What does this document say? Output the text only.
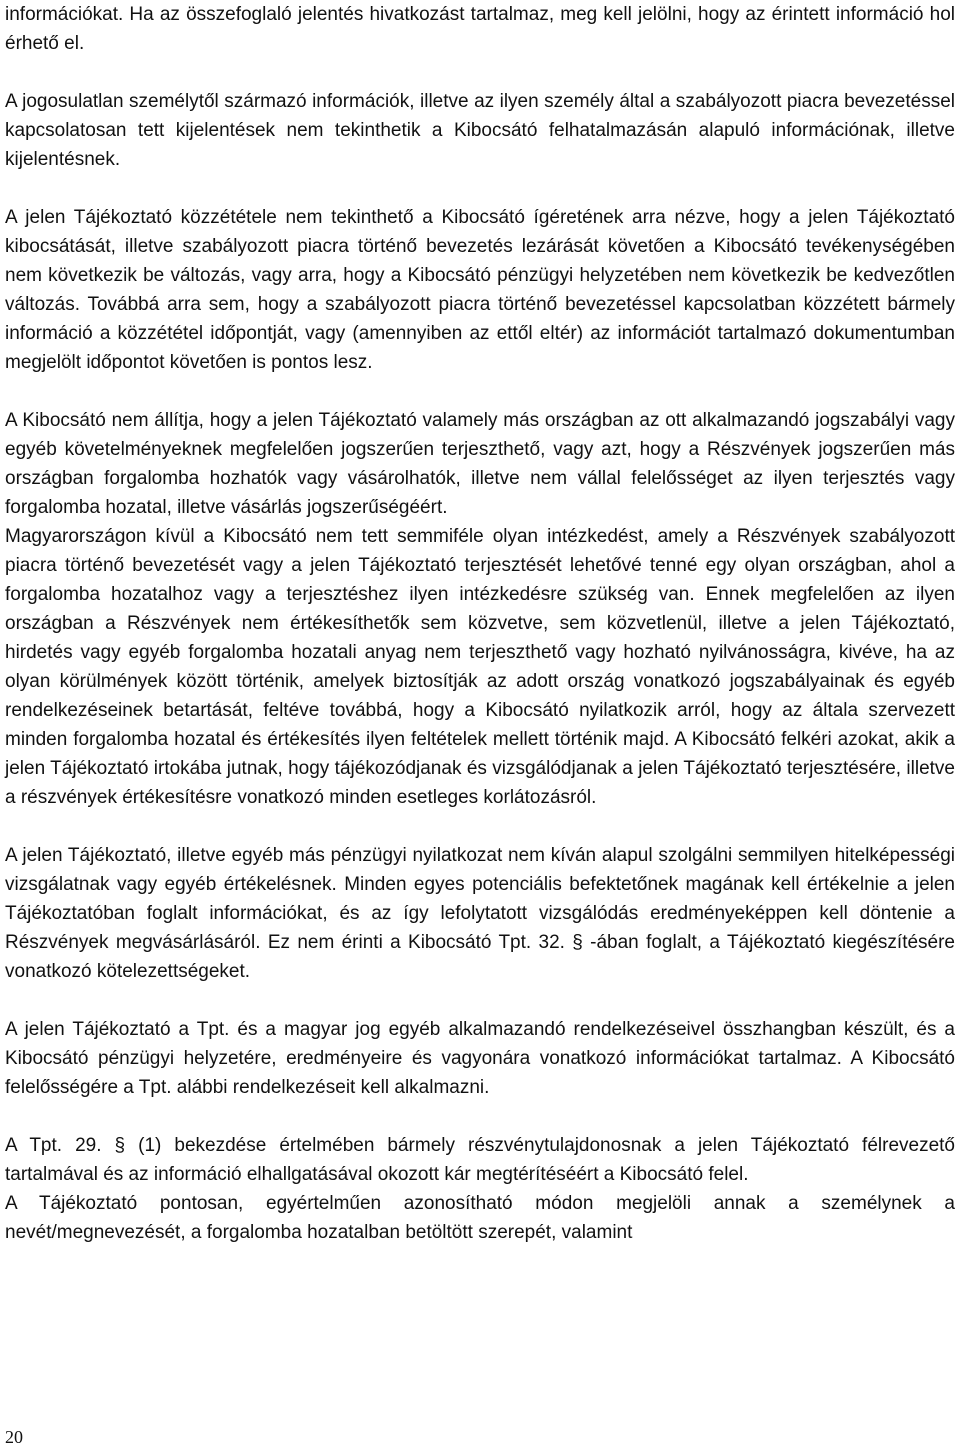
információkat. Ha az összefoglaló jelentés hivatkozást tartalmaz, meg kell jelölni, hogy az érintett információ hol érhető el.

A jogosulatlan személytől származó információk, illetve az ilyen személy által a szabályozott piacra bevezetéssel kapcsolatosan tett kijelentések nem tekinthetik a Kibocsátó felhatalmazásán alapuló információnak, illetve kijelentésnek.

A jelen Tájékoztató közzététele nem tekinthető a Kibocsátó ígéretének arra nézve, hogy a jelen Tájékoztató kibocsátását, illetve szabályozott piacra történő bevezetés lezárását követően a Kibocsátó tevékenységében nem következik be változás, vagy arra, hogy a Kibocsátó pénzügyi helyzetében nem következik be kedvezőtlen változás. Továbbá arra sem, hogy a szabályozott piacra történő bevezetéssel kapcsolatban közzétett bármely információ a közzététel időpontját, vagy (amennyiben az ettől eltér) az információt tartalmazó dokumentumban megjelölt időpontot követően is pontos lesz.

A Kibocsátó nem állítja, hogy a jelen Tájékoztató valamely más országban az ott alkalmazandó jogszabályi vagy egyéb követelményeknek megfelelően jogszerűen terjeszthető, vagy azt, hogy a Részvények jogszerűen más országban forgalomba hozhatók vagy vásárolhatók, illetve nem vállal felelősséget az ilyen terjesztés vagy forgalomba hozatal, illetve vásárlás jogszerűségéért.

Magyarországon kívül a Kibocsátó nem tett semmiféle olyan intézkedést, amely a Részvények szabályozott piacra történő bevezetését vagy a jelen Tájékoztató terjesztését lehetővé tenné egy olyan országban, ahol a forgalomba hozatalhoz vagy a terjesztéshez ilyen intézkedésre szükség van. Ennek megfelelően az ilyen országban a Részvények nem értékesíthetők sem közvetve, sem közvetlenül, illetve a jelen Tájékoztató, hirdetés vagy egyéb forgalomba hozatali anyag nem terjeszthető vagy hozható nyilvánosságra, kivéve, ha az olyan körülmények között történik, amelyek biztosítják az adott ország vonatkozó jogszabályainak és egyéb rendelkezéseinek betartását, feltéve továbbá, hogy a Kibocsátó nyilatkozik arról, hogy az általa szervezett minden forgalomba hozatal és értékesítés ilyen feltételek mellett történik majd. A Kibocsátó felkéri azokat, akik a jelen Tájékoztató irtokába jutnak, hogy tájékozódjanak és vizsgálódjanak a jelen Tájékoztató terjesztésére, illetve a részvények értékesítésre vonatkozó minden esetleges korlátozásról.

A jelen Tájékoztató, illetve egyéb más pénzügyi nyilatkozat nem kíván alapul szolgálni semmilyen hitelképességi vizsgálatnak vagy egyéb értékelésnek. Minden egyes potenciális befektetőnek magának kell értékelnie a jelen Tájékoztatóban foglalt információkat, és az így lefolytatott vizsgálódás eredményeképpen kell döntenie a Részvények megvásárlásáról. Ez nem érinti a Kibocsátó Tpt. 32. § -ában foglalt, a Tájékoztató kiegészítésére vonatkozó kötelezettségeket.

A jelen Tájékoztató a Tpt. és a magyar jog egyéb alkalmazandó rendelkezéseivel összhangban készült, és a Kibocsátó pénzügyi helyzetére, eredményeire és vagyonára vonatkozó információkat tartalmaz. A Kibocsátó felelősségére a Tpt. alábbi rendelkezéseit kell alkalmazni.

A Tpt. 29. § (1) bekezdése értelmében bármely részvénytulajdonosnak a jelen Tájékoztató félrevezető tartalmával és az információ elhallgatásával okozott kár megtérítéséért a Kibocsátó felel.

A Tájékoztató pontosan, egyértelműen azonosítható módon megjelöli annak a személynek a nevét/megnevezését, a forgalomba hozatalban betöltött szerepét, valamint

20
